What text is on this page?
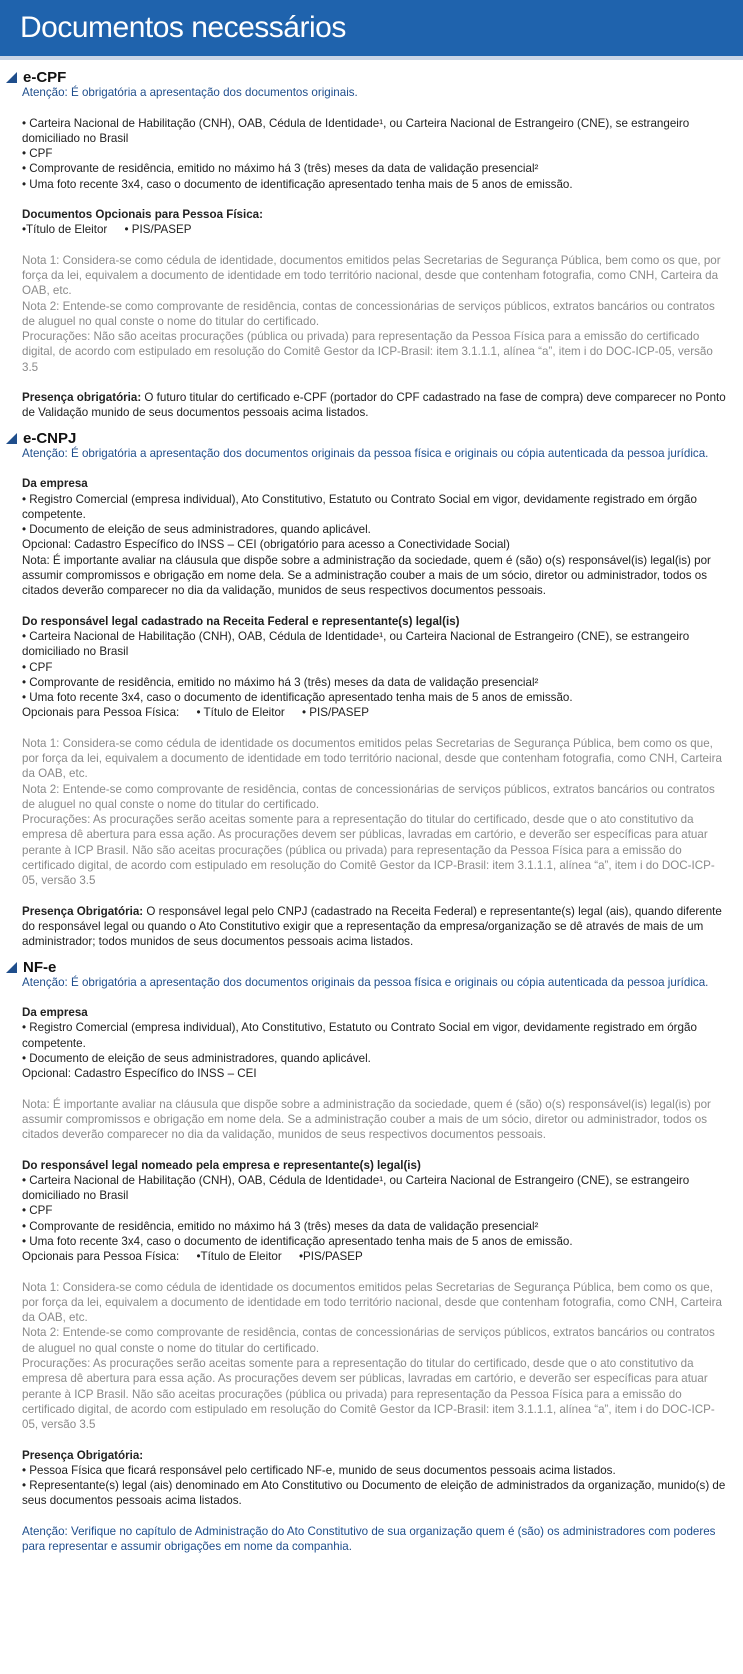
Documentos necessários
e-CPF

Atenção: É obrigatória a apresentação dos documentos originais.

• Carteira Nacional de Habilitação (CNH), OAB, Cédula de Identidade¹, ou Carteira Nacional de Estrangeiro (CNE), se estrangeiro domiciliado no Brasil
• CPF
• Comprovante de residência, emitido no máximo há 3 (três) meses da data de validação presencial²
• Uma foto recente 3x4, caso o documento de identificação apresentado tenha mais de 5 anos de emissão.

Documentos Opcionais para Pessoa Física:

•Título de Eleitor • PIS/PASEP

Nota 1: Considera-se como cédula de identidade, documentos emitidos pelas Secretarias de Segurança Pública, bem como os que, por força da lei, equivalem a documento de identidade em todo território nacional, desde que contenham fotografia, como CNH, Carteira da OAB, etc.

Nota 2: Entende-se como comprovante de residência, contas de concessionárias de serviços públicos, extratos bancários ou contratos de aluguel no qual conste o nome do titular do certificado.

Procurações: Não são aceitas procurações (pública ou privada) para representação da Pessoa Física para a emissão do certificado digital, de acordo com estipulado em resolução do Comitê Gestor da ICP-Brasil: item 3.1.1.1, alínea “a”, item i do DOC-ICP-05, versão 3.5

Presença obrigatória: O futuro titular do certificado e-CPF (portador do CPF cadastrado na fase de compra) deve comparecer no Ponto de Validação munido de seus documentos pessoais acima listados.

e-CNPJ

Atenção: É obrigatória a apresentação dos documentos originais da pessoa física e originais ou cópia autenticada da pessoa jurídica.

Da empresa

• Registro Comercial (empresa individual), Ato Constitutivo, Estatuto ou Contrato Social em vigor, devidamente registrado em órgão competente.
• Documento de eleição de seus administradores, quando aplicável.

Opcional: Cadastro Específico do INSS – CEI (obrigatório para acesso a Conectividade Social)

Nota: É importante avaliar na cláusula que dispõe sobre a administração da sociedade, quem é (são) o(s) responsável(is) legal(is) por assumir compromissos e obrigação em nome dela. Se a administração couber a mais de um sócio, diretor ou administrador, todos os citados deverão comparecer no dia da validação, munidos de seus respectivos documentos pessoais.

Do responsável legal cadastrado na Receita Federal e representante(s) legal(is)

• Carteira Nacional de Habilitação (CNH), OAB, Cédula de Identidade¹, ou Carteira Nacional de Estrangeiro (CNE), se estrangeiro domiciliado no Brasil
• CPF
• Comprovante de residência, emitido no máximo há 3 (três) meses da data de validação presencial²
• Uma foto recente 3x4, caso o documento de identificação apresentado tenha mais de 5 anos de emissão.

Opcionais para Pessoa Física: • Título de Eleitor • PIS/PASEP

Nota 1: Considera-se como cédula de identidade os documentos emitidos pelas Secretarias de Segurança Pública, bem como os que, por força da lei, equivalem a documento de identidade em todo território nacional, desde que contenham fotografia, como CNH, Carteira da OAB, etc.

Nota 2: Entende-se como comprovante de residência, contas de concessionárias de serviços públicos, extratos bancários ou contratos de aluguel no qual conste o nome do titular do certificado.

Procurações: As procurações serão aceitas somente para a representação do titular do certificado, desde que o ato constitutivo da empresa dê abertura para essa ação. As procurações devem ser públicas, lavradas em cartório, e deverão ser específicas para atuar perante à ICP Brasil. Não são aceitas procurações (pública ou privada) para representação da Pessoa Física para a emissão do certificado digital, de acordo com estipulado em resolução do Comitê Gestor da ICP-Brasil: item 3.1.1.1, alínea “a”, item i do DOC-ICP-05, versão 3.5

Presença Obrigatória: O responsável legal pelo CNPJ (cadastrado na Receita Federal) e representante(s) legal (ais), quando diferente do responsável legal ou quando o Ato Constitutivo exigir que a representação da empresa/organização se dê através de mais de um administrador; todos munidos de seus documentos pessoais acima listados.

NF-e

Atenção: É obrigatória a apresentação dos documentos originais da pessoa física e originais ou cópia autenticada da pessoa jurídica.

Da empresa

• Registro Comercial (empresa individual), Ato Constitutivo, Estatuto ou Contrato Social em vigor, devidamente registrado em órgão competente.
• Documento de eleição de seus administradores, quando aplicável.

Opcional: Cadastro Específico do INSS – CEI

Nota: É importante avaliar na cláusula que dispõe sobre a administração da sociedade, quem é (são) o(s) responsável(is) legal(is) por assumir compromissos e obrigação em nome dela. Se a administração couber a mais de um sócio, diretor ou administrador, todos os citados deverão comparecer no dia da validação, munidos de seus respectivos documentos pessoais.

Do responsável legal nomeado pela empresa e representante(s) legal(is)

• Carteira Nacional de Habilitação (CNH), OAB, Cédula de Identidade¹, ou Carteira Nacional de Estrangeiro (CNE), se estrangeiro domiciliado no Brasil
• CPF
• Comprovante de residência, emitido no máximo há 3 (três) meses da data de validação presencial²
• Uma foto recente 3x4, caso o documento de identificação apresentado tenha mais de 5 anos de emissão.

Opcionais para Pessoa Física: •Título de Eleitor •PIS/PASEP

Nota 1: Considera-se como cédula de identidade os documentos emitidos pelas Secretarias de Segurança Pública, bem como os que, por força da lei, equivalem a documento de identidade em todo território nacional, desde que contenham fotografia, como CNH, Carteira da OAB, etc.

Nota 2: Entende-se como comprovante de residência, contas de concessionárias de serviços públicos, extratos bancários ou contratos de aluguel no qual conste o nome do titular do certificado.

Procurações: As procurações serão aceitas somente para a representação do titular do certificado, desde que o ato constitutivo da empresa dê abertura para essa ação. As procurações devem ser públicas, lavradas em cartório, e deverão ser específicas para atuar perante à ICP Brasil. Não são aceitas procurações (pública ou privada) para representação da Pessoa Física para a emissão do certificado digital, de acordo com estipulado em resolução do Comitê Gestor da ICP-Brasil: item 3.1.1.1, alínea “a”, item i do DOC-ICP-05, versão 3.5

Presença Obrigatória:

• Pessoa Física que ficará responsável pelo certificado NF-e, munido de seus documentos pessoais acima listados.
• Representante(s) legal (ais) denominado em Ato Constitutivo ou Documento de eleição de administrados da organização, munido(s) de seus documentos pessoais acima listados.

Atenção: Verifique no capítulo de Administração do Ato Constitutivo de sua organização quem é (são) os administradores com poderes para representar e assumir obrigações em nome da companhia.
